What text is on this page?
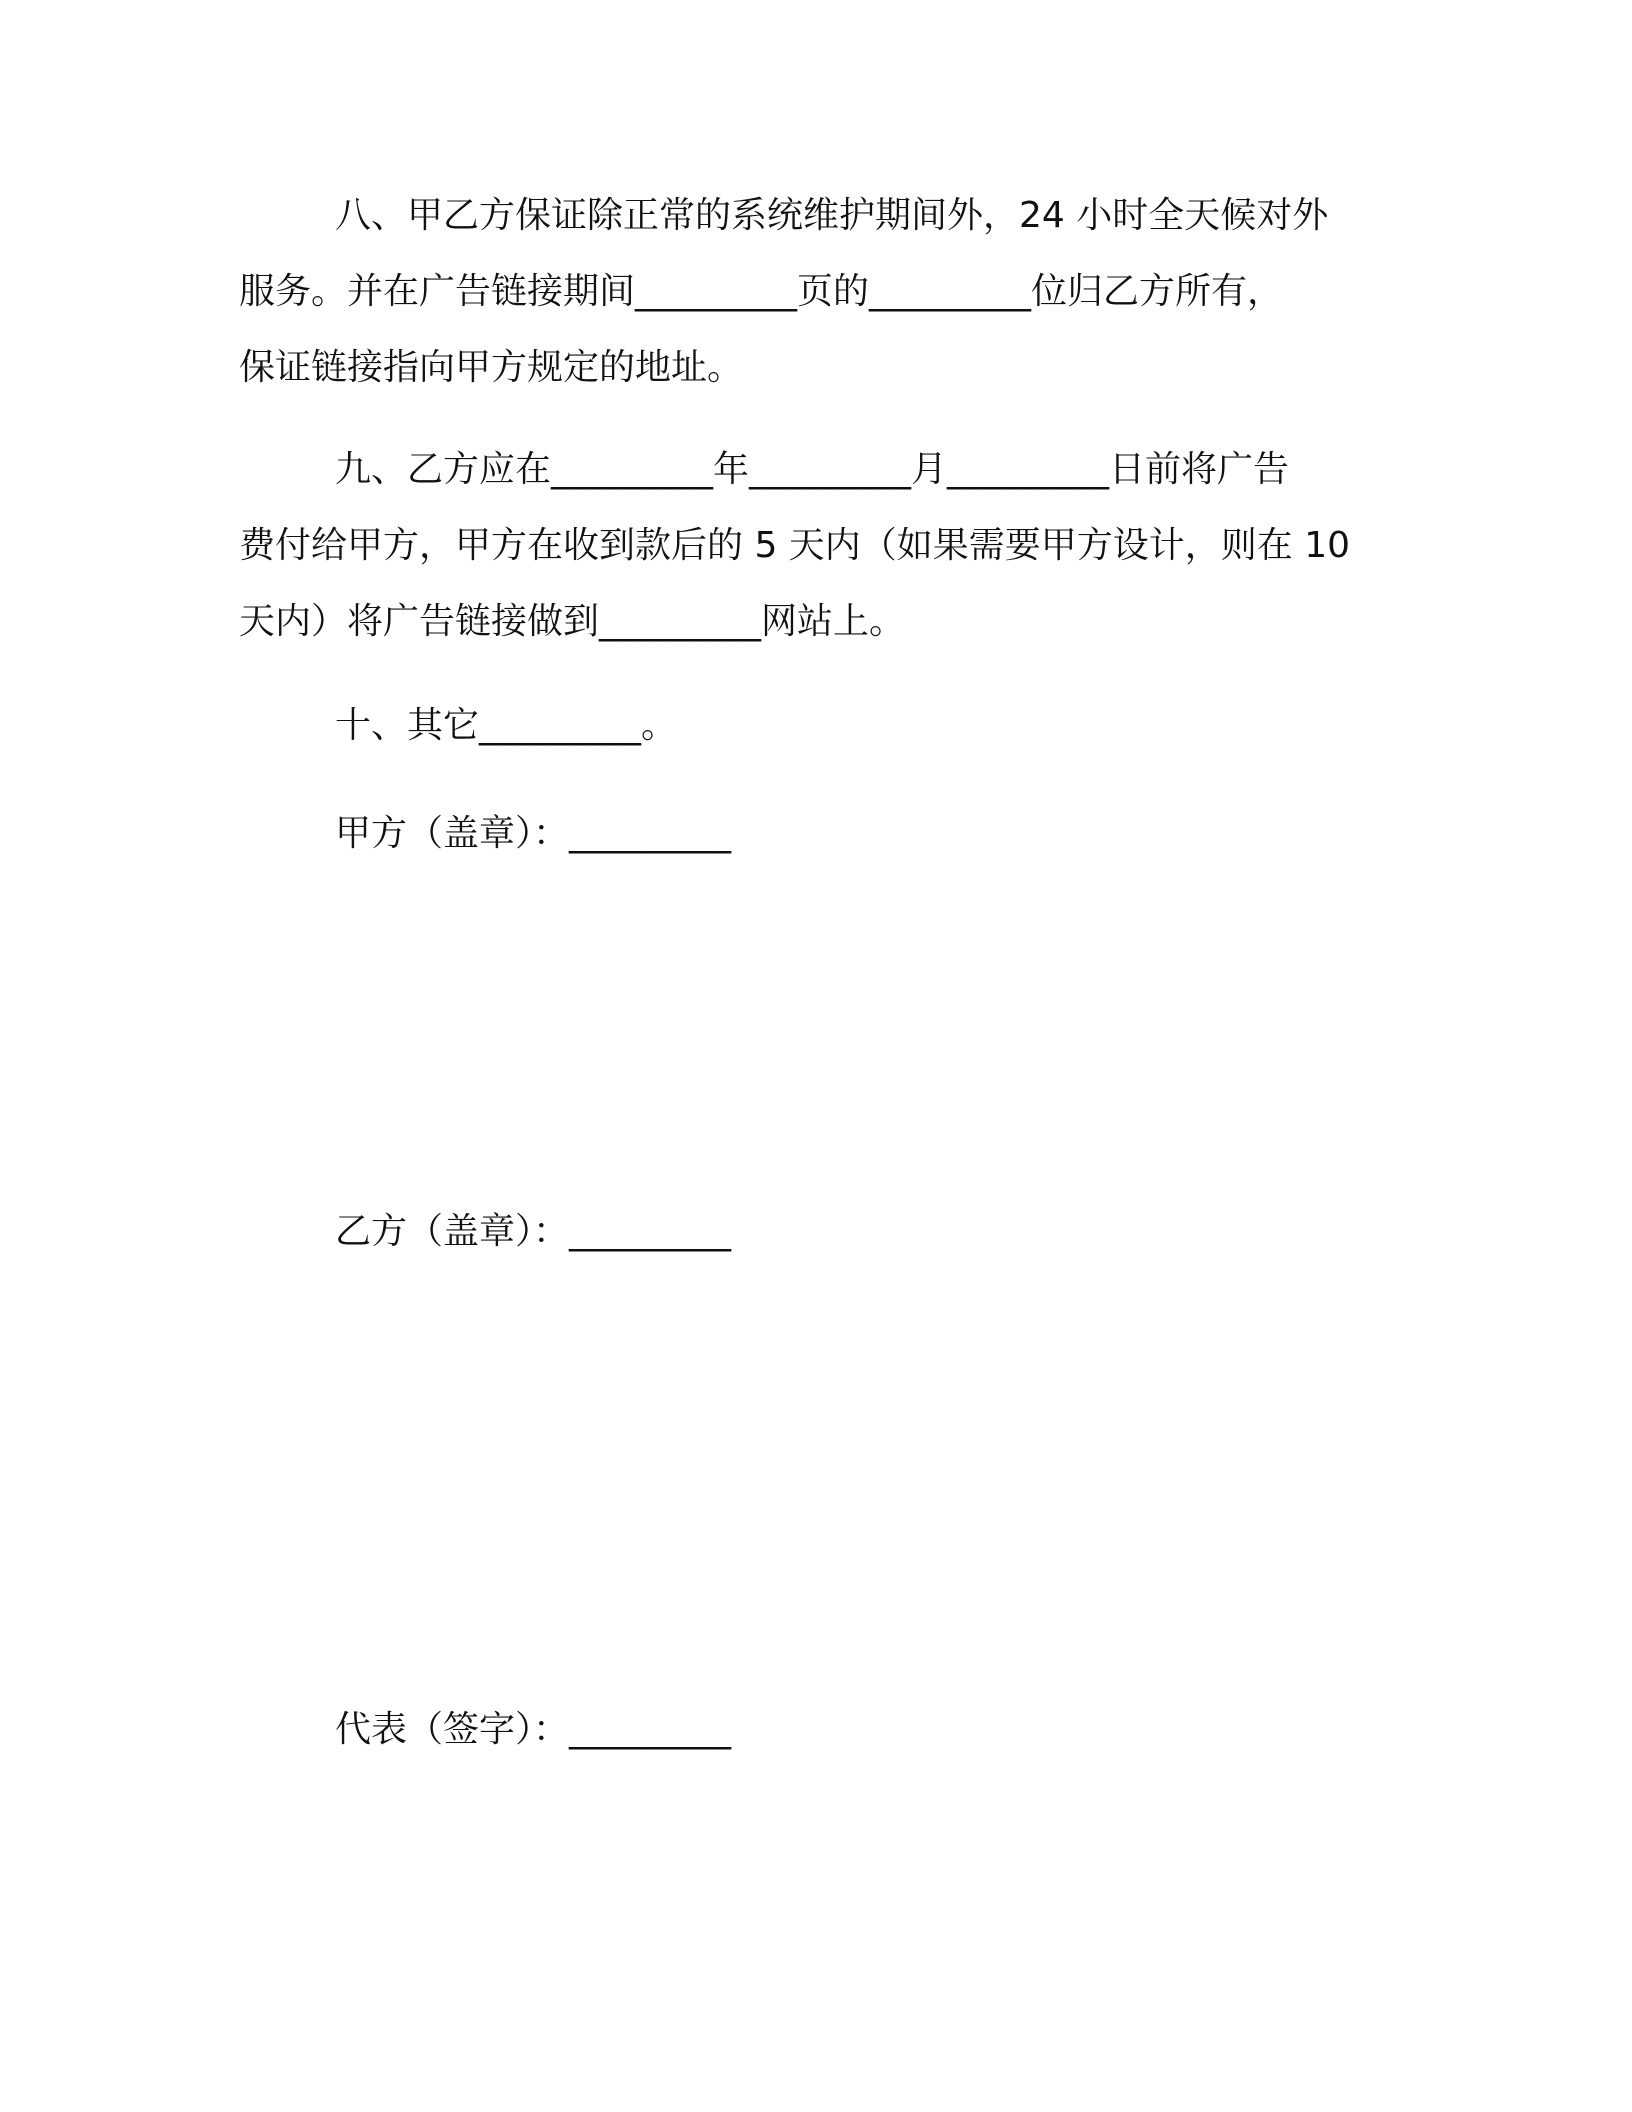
八、甲乙方保证除正常的系统维护期间外，24 小时全天候对外
服务。并在广告链接期间_________页的_________位归乙方所有，
保证链接指向甲方规定的地址。
九、乙方应在_________年_________月_________日前将广告
费付给甲方，甲方在收到款后的 5 天内（如果需要甲方设计，则在 10
天内）将广告链接做到_________网站上。
十、其它_________。
甲方（盖章）：_________
乙方（盖章）：_________
代表（签字）：_________
